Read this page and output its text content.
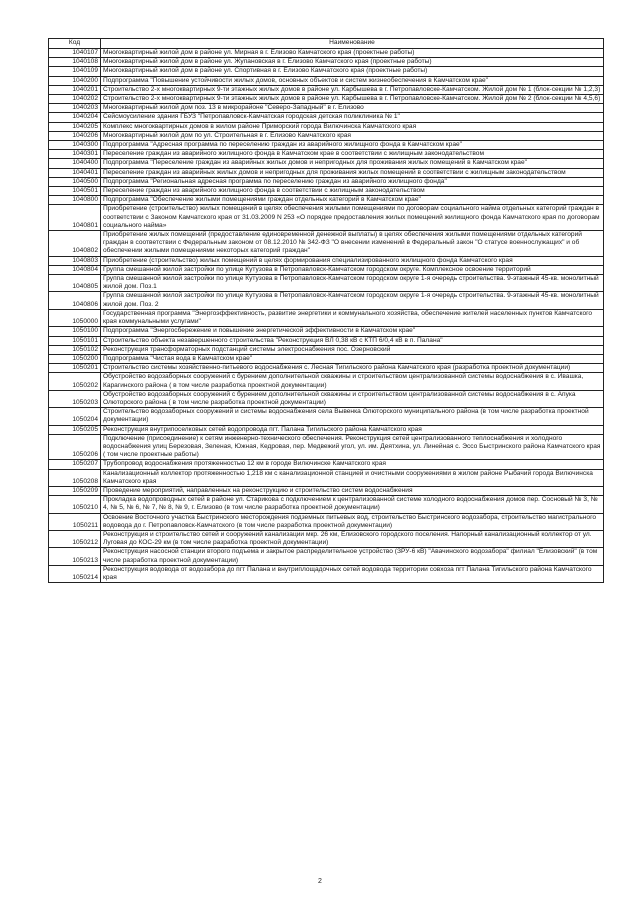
Код	Наименование
1040107	Многоквартирный жилой дом в районе ул. Мирная в г. Елизово Камчатского края (проектные работы)
1040108	Многоквартирный жилой дом в районе ул. Жупановская в г. Елизово Камчатского края (проектные работы)
1040109	Многоквартирный жилой дом в районе ул. Спортивная в г. Елизово Камчатского края (проектные работы)
1040200	Подпрограмма "Повышение устойчивости жилых домов, основных объектов и систем жизнеобеспечения в Камчатском крае"
1040201	Строительство 2-х многоквартирных 9-ти этажных жилых домов в районе ул. Карбышева в г. Петропавловске-Камчатском. Жилой дом № 1 (блок-секции № 1,2,3)
1040202	Строительство 2-х многоквартирных 9-ти этажных жилых домов в районе ул. Карбышева в г. Петропавловске-Камчатском. Жилой дом № 2 (блок-секции № 4,5,6)
1040203	Многоквартирный жилой дом поз. 13 в микрорайоне "Северо-Западный" в г. Елизово
1040204	Сейсмоусиление здания ГБУЗ "Петропавловск-Камчатская городская детская поликлиника № 1"
1040205	Комплекс многоквартирных домов в жилом районе Приморский города Вилючинска Камчатского края
1040206	Многоквартирный жилой дом по ул. Строительная в г. Елизово Камчатского края
1040300	Подпрограмма "Адресная программа по переселению граждан из аварийного жилищного фонда в Камчатском крае"
1040301	Переселение граждан из аварийного жилищного фонда в Камчатском крае в соответствии с жилищным законодательством
1040400	Подпрограмма "Переселение граждан из аварийных жилых домов и непригодных для проживания жилых помещений в Камчатском крае"
1040401	Переселение граждан из аварийных жилых домов и непригодных для проживания жилых помещений в соответствии с жилищным законодательством
1040500	Подпрограмма "Региональная адресная программа по переселению граждан из аварийного жилищного фонда"
1040501	Переселение граждан из аварийного жилищного фонда в соответствии с жилищным законодательством
1040800	Подпрограмма "Обеспечение жилыми помещениями граждан отдельных категорий в Камчатском крае"
1040801	Приобретение (строительство) жилых помещений в целях обеспечения жилыми помещениями по договорам социального найма отдельных категорий граждан в соответствии с Законом Камчатского края от 31.03.2009 N 253 «О порядке предоставления жилых помещений жилищного фонда Камчатского края по договорам социального найма»
1040802	Приобретение жилых помещений (предоставление единовременной денежной выплаты) в целях обеспечения жилыми помещениями отдельных категорий граждан в соответствии с Федеральным законом от 08.12.2010 № 342-ФЗ "О внесении изменений в Федеральный закон "О статусе военнослужащих" и об обеспечении жилыми помещениями некоторых категорий граждан"
1040803	Приобретение (строительство) жилых помещений в целях формирования специализированного жилищного фонда Камчатского края
1040804	Группа смешанной жилой застройки по улице Кутузова в Петропавловск-Камчатском городском округе. Комплексное освоение территорий
1040805	Группа смешанной жилой застройки по улице Кутузова в Петропавловск-Камчатском городском округе 1-я очередь строительства. 9-этажный 45-кв. монолитный жилой дом. Поз.1
1040806	Группа смешанной жилой застройки по улице Кутузова в Петропавловск-Камчатском городском округе 1-я очередь строительства. 9-этажный 45-кв. монолитный жилой дом. Поз. 2
1050000	Государственная программа "Энергоэффективность, развитие энергетики и коммунального хозяйства, обеспечение жителей населенных пунктов Камчатского края коммунальными услугами"
1050100	Подпрограмма "Энергосбережение и повышение энергетической эффективности в Камчатском крае"
1050101	Строительство объекта незавершенного строительства "Реконструкция ВЛ 0,38 кВ с КТП 6/0,4 кВ в п. Палана"
1050102	Реконструкция трансформаторных подстанций системы электроснабжения пос. Озерновский
1050200	Подпрограмма "Чистая вода в Камчатском крае"
1050201	Строительство системы хозяйственно-питьевого водоснабжения с. Лесная Тигильского района Камчатского края (разработка проектной документации)
1050202	Обустройство водозаборных сооружений с бурением дополнительной скважины и строительством централизованной системы водоснабжения в с. Ивашка, Карагинского района ( в том числе разработка проектной документации)
1050203	Обустройство водозаборных сооружений с бурением дополнительной скважины и строительством централизованной системы водоснабжения в с. Апука Олюторского района ( в том числе разработка проектной документации)
1050204	Строительство водозаборных сооружений и системы водоснабжения села Вывенка Олюторского муниципального района (в том числе разработка проектной документации)
1050205	Реконструкция внутрипоселковых сетей водопровода пгт. Палана Тигильского района Камчатского края
1050206	Подключение (присоединение) к сетям инженерно-технического обеспечения. Реконструкция сетей централизованного теплоснабжения и холодного водоснабжения улиц Березовая, Зеленая, Южная, Кедровая, пер. Медвежий угол, ул. им. Деятхина, ул. Линейная с. Эссо Быстринского района Камчатского края ( том числе проектные работы)
1050207	Трубопровод водоснабжения протяженностью 12 км в городе Вилючинске Камчатского края
1050208	Канализационный коллектор протяженностью 1,218 км с канализационной станцией и очистными сооружениями в жилом районе Рыбачий города Вилючинска Камчатского края
1050209	Проведение мероприятий, направленных на реконструкцию и строительство систем водоснабжения
1050210	Прокладка водопроводных сетей в районе ул. Старикова с подключением к централизованной системе холодного водоснабжения домов пер. Сосновый № 3, № 4, № 5, № 6, № 7, № 8, № 9, г. Елизово (в том числе разработка проектной документации)
1050211	Освоение Восточного участка Быстринского месторождения подземных питьевых вод, строительство Быстринского водозабора, строительство магистрального водовода до г. Петропавловск-Камчатского (в том числе разработка проектной документации)
1050212	Реконструкция и строительство сетей и сооружений канализации мкр. 26 км, Елизовского городского поселения. Напорный канализационный коллектор от ул. Луговая до КОС-29 км (в том числе разработка проектной документации)
1050213	Реконструкция насосной станции второго подъема и закрытое распределительное устройство (ЗРУ-6 кВ) "Авачинского водозабора" филиал "Елизовский" (в том числе разработка проектной документации)
1050214	Реконструкция водовода от водозабора до пгт Палана и внутриплощадочных сетей водовода территории совхоза пгт Палана Тигильского района Камчатского края
2
